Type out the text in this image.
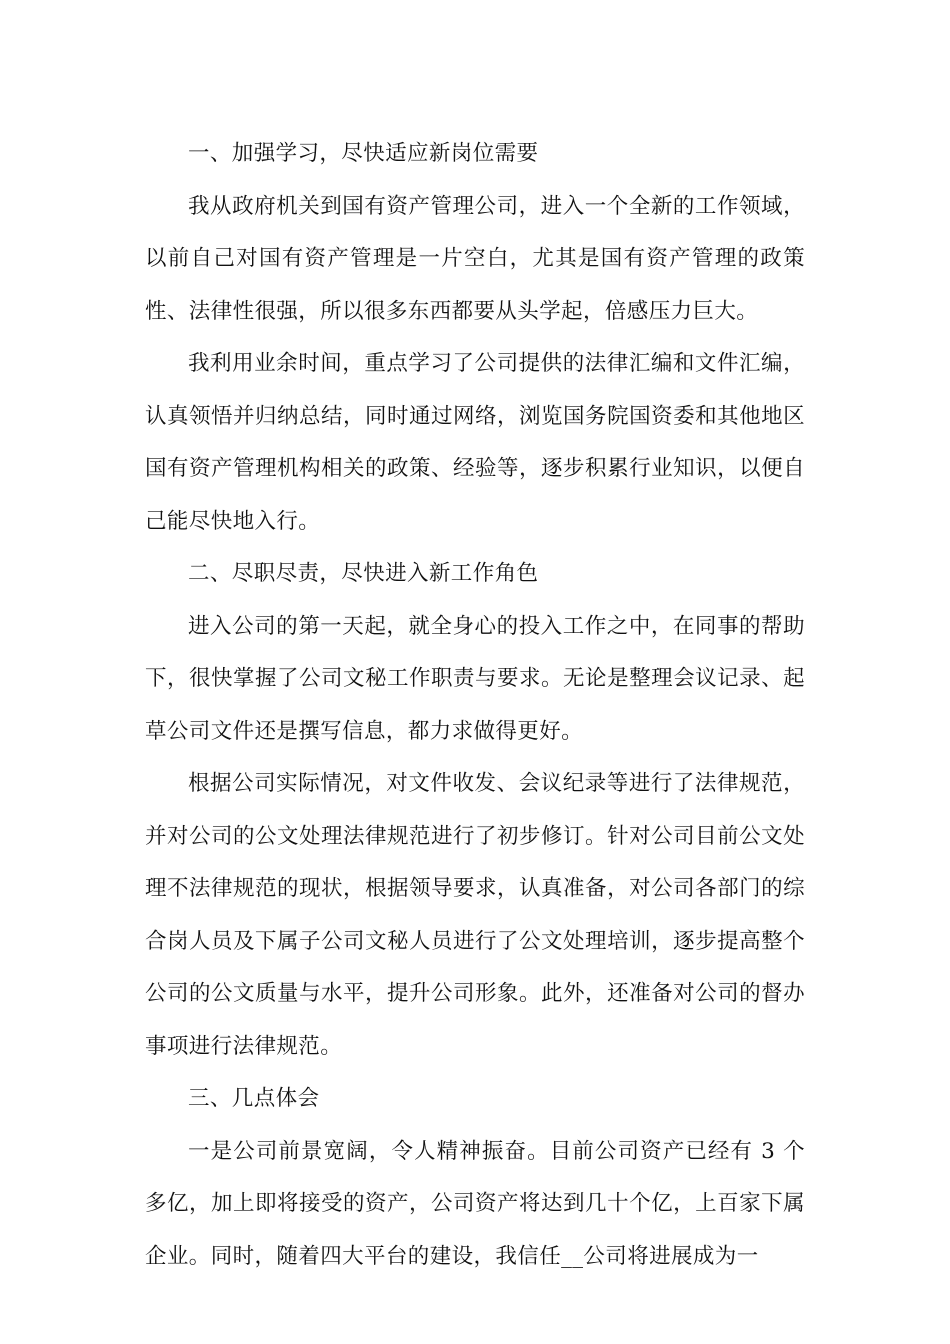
一、加强学习，尽快适应新岗位需要

我从政府机关到国有资产管理公司，进入一个全新的工作领域，以前自己对国有资产管理是一片空白，尤其是国有资产管理的政策性、法律性很强，所以很多东西都要从头学起，倍感压力巨大。

我利用业余时间，重点学习了公司提供的法律汇编和文件汇编，认真领悟并归纳总结，同时通过网络，浏览国务院国资委和其他地区国有资产管理机构相关的政策、经验等，逐步积累行业知识，以便自己能尽快地入行。

二、尽职尽责，尽快进入新工作角色

进入公司的第一天起，就全身心的投入工作之中，在同事的帮助下，很快掌握了公司文秘工作职责与要求。无论是整理会议记录、起草公司文件还是撰写信息，都力求做得更好。

根据公司实际情况，对文件收发、会议纪录等进行了法律规范，并对公司的公文处理法律规范进行了初步修订。针对公司目前公文处理不法律规范的现状，根据领导要求，认真准备，对公司各部门的综合岗人员及下属子公司文秘人员进行了公文处理培训，逐步提高整个公司的公文质量与水平，提升公司形象。此外，还准备对公司的督办事项进行法律规范。

三、几点体会

一是公司前景宽阔，令人精神振奋。目前公司资产已经有 3 个多亿，加上即将接受的资产，公司资产将达到几十个亿，上百家下属企业。同时，随着四大平台的建设，我信任__公司将进展成为一
